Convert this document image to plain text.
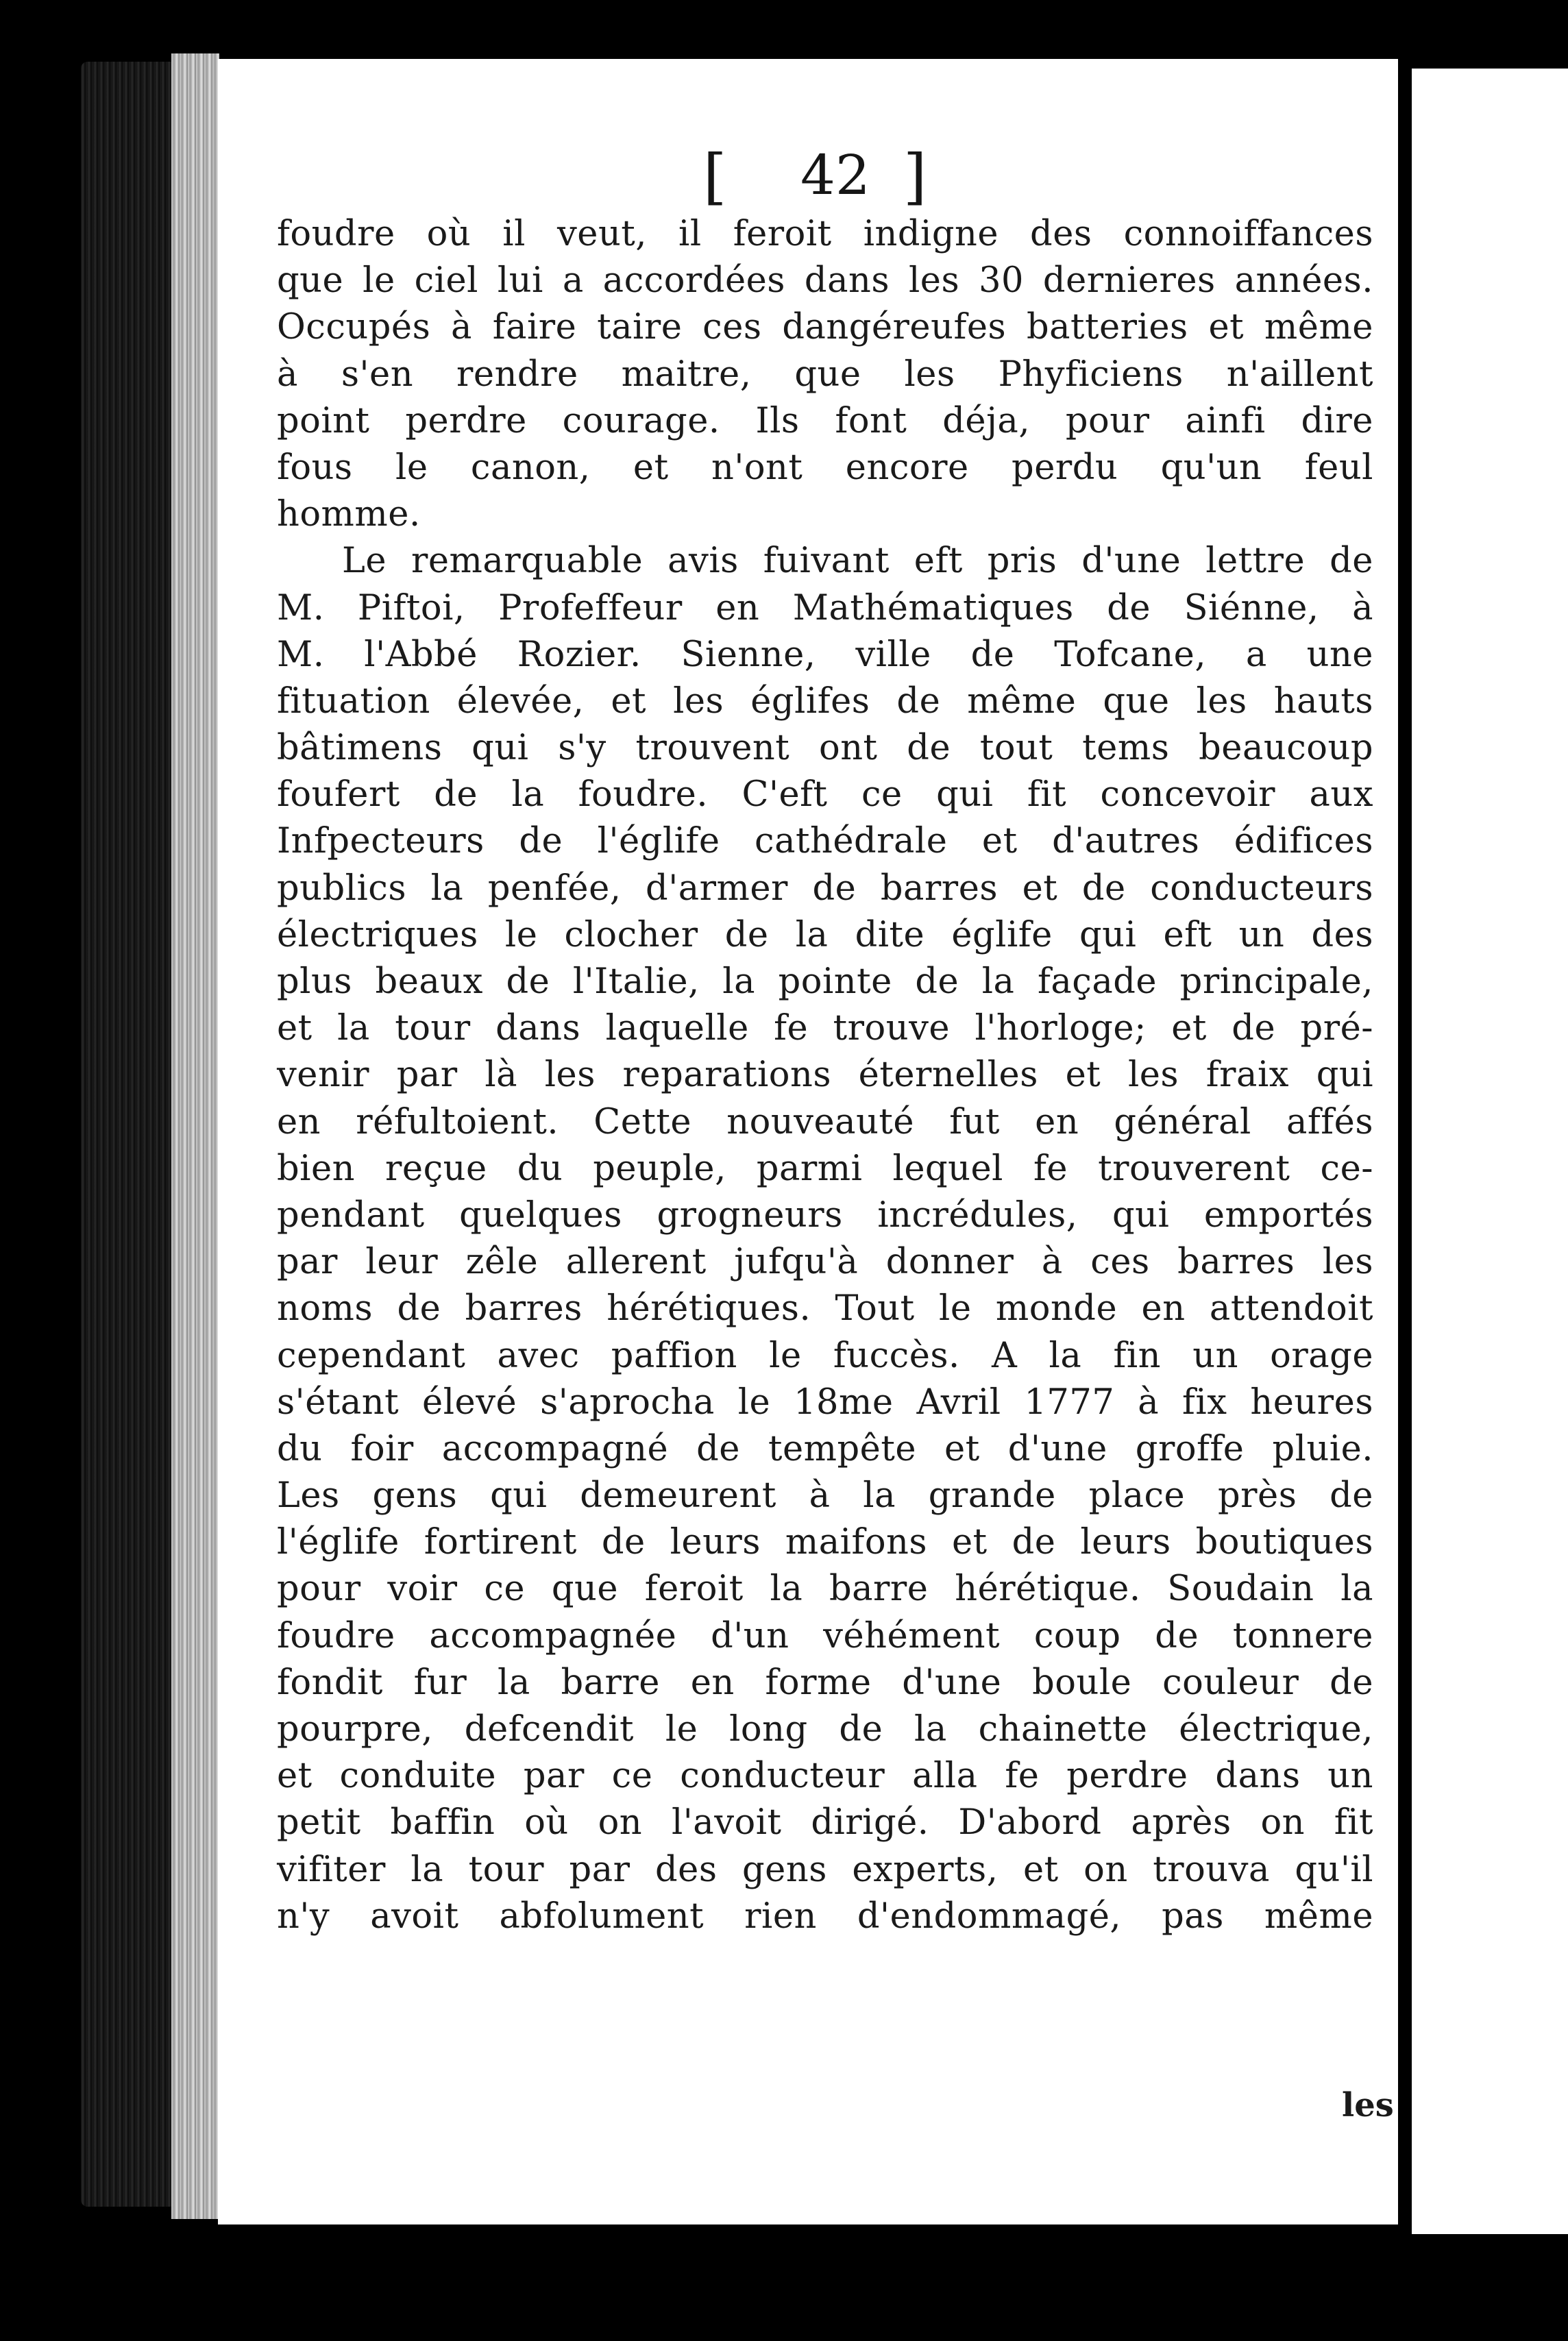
[ 42 ]
foudre où il veut, il feroit indigne des connoiffances
que le ciel lui a accordées dans les 30 dernieres années.
Occupés à faire taire ces dangéreufes batteries et même
à s'en rendre maitre, que les Phyficiens n'aillent
point perdre courage. Ils font déja, pour ainfi dire
fous le canon, et n'ont encore perdu qu'un feul
homme.
Le remarquable avis fuivant eft pris d'une lettre de
M. Piftoi, Profeffeur en Mathématiques de Siénne, à
M. l'Abbé Rozier. Sienne, ville de Tofcane, a une
fituation élevée, et les églifes de même que les hauts
bâtimens qui s'y trouvent ont de tout tems beaucoup
foufert de la foudre. C'eft ce qui fit concevoir aux
Infpecteurs de l'églife cathédrale et d'autres édifices
publics la penfée, d'armer de barres et de conducteurs
électriques le clocher de la dite églife qui eft un des
plus beaux de l'Italie, la pointe de la façade principale,
et la tour dans laquelle fe trouve l'horloge; et de pré-
venir par là les reparations éternelles et les fraix qui
en réfultoient. Cette nouveauté fut en général affés
bien reçue du peuple, parmi lequel fe trouverent ce-
pendant quelques grogneurs incrédules, qui emportés
par leur zêle allerent jufqu'à donner à ces barres les
noms de barres hérétiques. Tout le monde en attendoit
cependant avec paffion le fuccès. A la fin un orage
s'étant élevé s'aprocha le 18me Avril 1777 à fix heures
du foir accompagné de tempête et d'une groffe pluie.
Les gens qui demeurent à la grande place près de
l'églife fortirent de leurs maifons et de leurs boutiques
pour voir ce que feroit la barre hérétique. Soudain la
foudre accompagnée d'un véhément coup de tonnere
fondit fur la barre en forme d'une boule couleur de
pourpre, defcendit le long de la chainette électrique,
et conduite par ce conducteur alla fe perdre dans un
petit baffin où on l'avoit dirigé. D'abord après on fit
vifiter la tour par des gens experts, et on trouva qu'il
n'y avoit abfolument rien d'endommagé, pas même
les
